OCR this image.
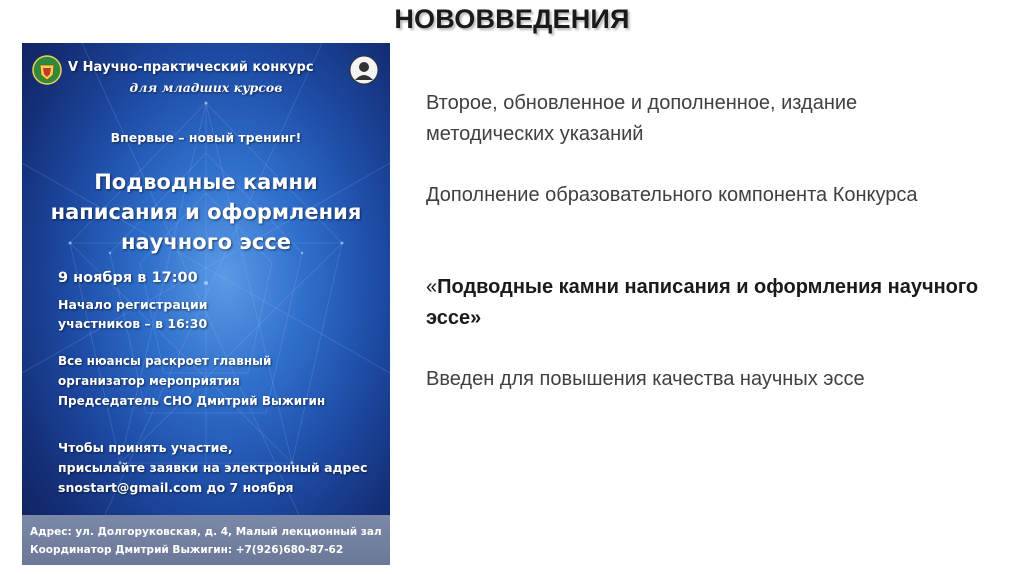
НОВОВВЕДЕНИЯ
V Научно-практический конкурс
для младших курсов
Впервые – новый тренинг!
Подводные камни
написания и оформления
научного эссе
9 ноября в 17:00
Начало регистрации
участников – в 16:30
Все нюансы раскроет главный
организатор мероприятия
Председатель СНО Дмитрий Выжигин
Чтобы принять участие,
присылайте заявки на электронный адрес
snostart@gmail.com до 7 ноября
Адрес: ул. Долгоруковская, д. 4, Малый лекционный зал
Координатор Дмитрий Выжигин: +7(926)680-87-62
Второе, обновленное и дополненное, издание методических указаний
Дополнение образовательного компонента Конкурса
«Подводные камни написания и оформления научного эссе»
Введен для повышения качества научных эссе
